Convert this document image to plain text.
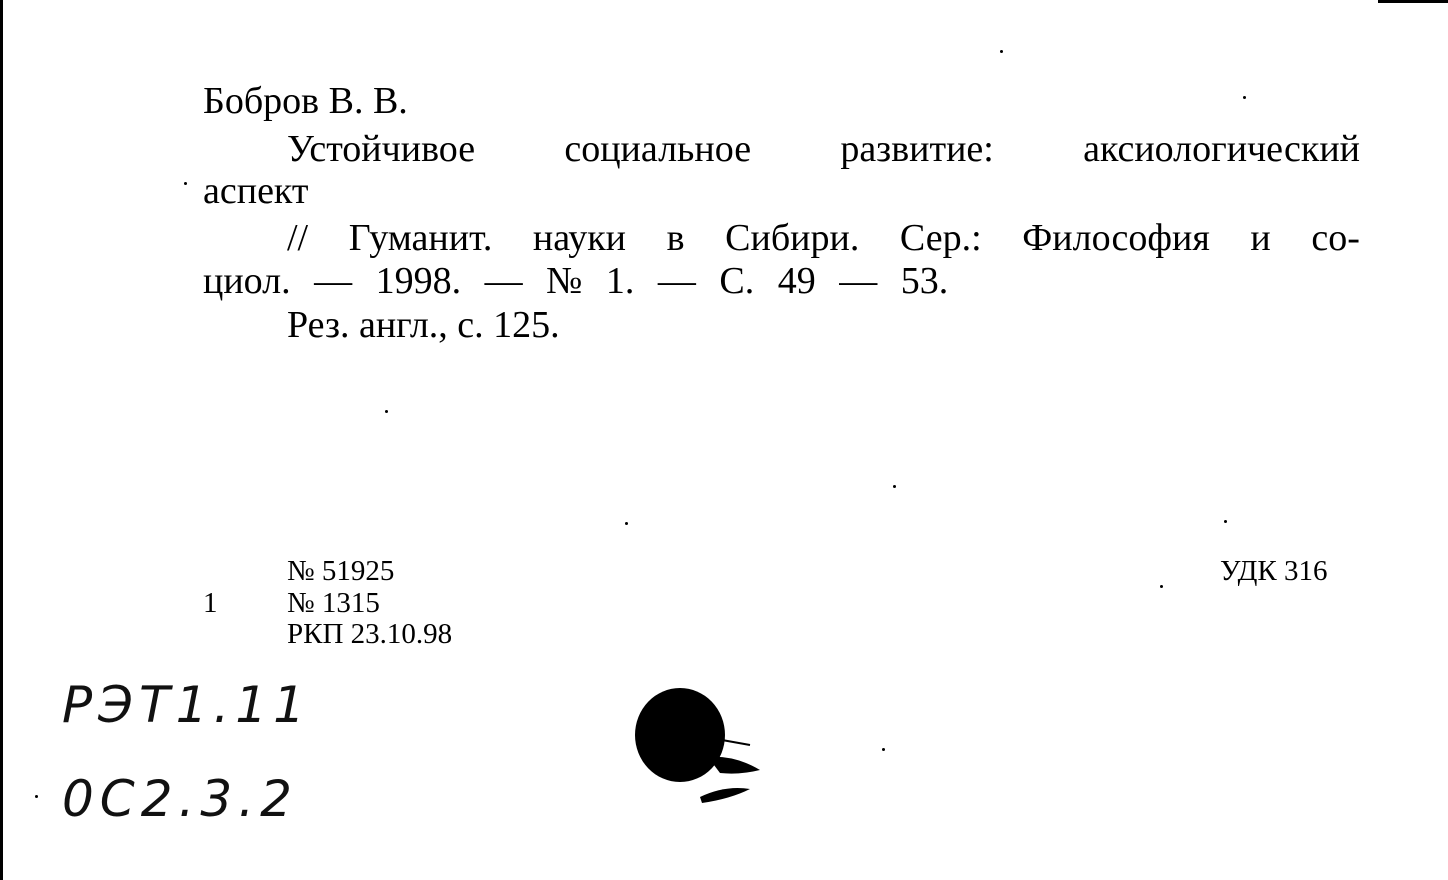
Бобров В. В.
Устойчивое социальное развитие: аксиологический
аспект
// Гуманит. науки в Сибири. Сер.: Философия и со-
циол. — 1998. — № 1. — С. 49 — 53.
Рез. англ., с. 125.
№ 51925
1 № 1315
РКП 23.10.98
УДК 316
РЭТ1.11
0С2.3.2
